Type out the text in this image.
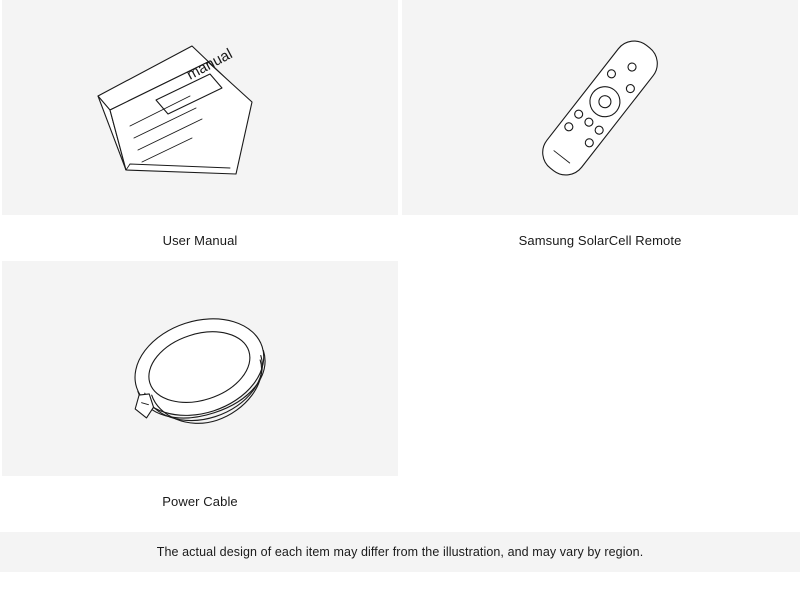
manual
User Manual	Samsung SolarCell Remote
Power Cable
The actual design of each item may differ from the illustration, and may vary by region.
